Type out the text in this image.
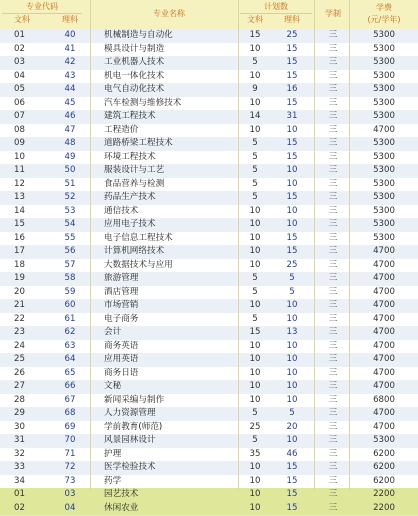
专业代码
文科	理科
专业名称
计划数
文科	理科
学制
学费
(元/学年)
01	40	机械制造与自动化	15	25	三	5300
02	41	模具设计与制造	10	15	三	5300
03	42	工业机器人技术	5	15	三	5300
04	43	机电一体化技术	10	15	三	5300
05	44	电气自动化技术	9	16	三	5300
06	45	汽车检测与维修技术	10	15	三	5300
07	46	建筑工程技术	14	31	三	5300
08	47	工程造价	10	10	三	4700
09	48	道路桥梁工程技术	5	15	三	5300
10	49	环境工程技术	5	15	三	5300
11	50	服装设计与工艺	5	10	三	5300
12	51	食品营养与检测	5	10	三	5300
13	52	药品生产技术	5	15	三	5300
14	53	通信技术	10	10	三	5300
15	54	应用电子技术	10	10	三	5300
16	55	电子信息工程技术	10	15	三	5300
17	56	计算机网络技术	10	15	三	4700
18	57	大数据技术与应用	10	25	三	4700
19	58	旅游管理	5	5	三	4700
20	59	酒店管理	5	5	三	4700
21	60	市场营销	10	10	三	4700
22	61	电子商务	5	10	三	4700
23	62	会计	15	13	三	4700
24	63	商务英语	10	10	三	4700
25	64	应用英语	10	10	三	4700
26	65	商务日语	10	10	三	4700
27	66	文秘	10	10	三	4700
28	67	新闻采编与制作	10	10	三	6800
29	68	人力资源管理	5	5	三	4700
30	69	学前教育(师范)	25	20	三	4700
31	70	风景园林设计	5	10	三	5300
32	71	护理	35	46	三	6200
33	72	医学检验技术	10	15	三	6200
34	73	药学	10	15	三	6200
01	03	园艺技术	10	15	三	2200
02	04	休闲农业	10	15	三	2200
